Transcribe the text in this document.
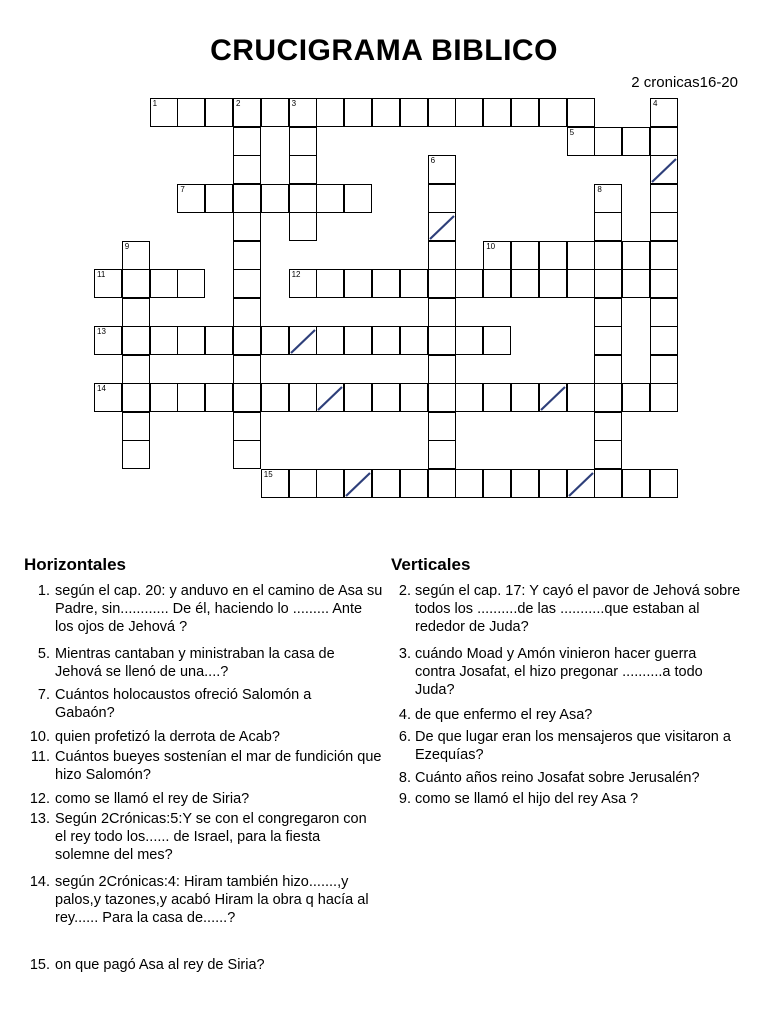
CRUCIGRAMA BIBLICO
2 cronicas16-20
1	2	3	4
5
6
7	8
9	10
11	12
13
14
15
Horizontales	Verticales
1. según el cap. 20: y anduvo en el camino de Asa su Padre, sin............ De él, haciendo lo ......... Ante los ojos de Jehová ?
5. Mientras cantaban y ministraban la casa de Jehová se llenó de una....?
7. Cuántos holocaustos ofreció Salomón a Gabaón?
10. quien profetizó la derrota de Acab?
11. Cuántos bueyes sostenían el mar de fundición que hizo Salomón?
12. como se llamó el rey de Siria?
13. Según 2Crónicas:5:Y se con el congregaron con el rey todo los...... de Israel, para la fiesta solemne del mes?
14. según 2Crónicas:4: Hiram también hizo.......,y palos,y tazones,y acabó Hiram la obra q hacía al rey...... Para la casa de......?
15. on que pagó Asa al rey de Siria?
2. según el cap. 17: Y cayó el pavor de Jehová sobre todos los ..........de las ...........que estaban al rededor de Juda?
3. cuándo Moad y Amón vinieron hacer guerra contra Josafat, el hizo pregonar ..........a todo Juda?
4. de que enfermo el rey Asa?
6. De que lugar eran los mensajeros que visitaron a Ezequías?
8. Cuánto años reino Josafat sobre Jerusalén?
9. como se llamó el hijo del rey Asa ?
